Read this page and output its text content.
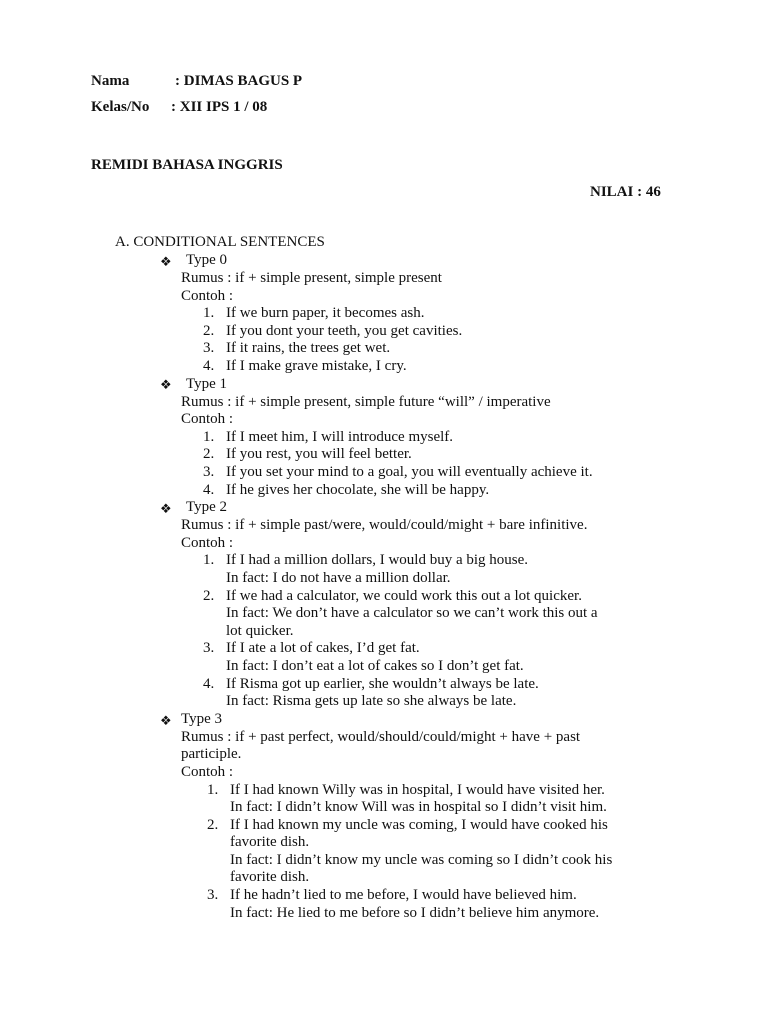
Nama	: DIMAS BAGUS P
Kelas/No : XII IPS 1 / 08
REMIDI BAHASA INGGRIS
NILAI : 46
A. CONDITIONAL SENTENCES
❖ Type 0
Rumus : if + simple present, simple present
Contoh :
1. If we burn paper, it becomes ash.
2. If you dont your teeth, you get cavities.
3. If it rains, the trees get wet.
4. If I make grave mistake, I cry.
❖ Type 1
Rumus : if + simple present, simple future “will” / imperative
Contoh :
1. If I meet him, I will introduce myself.
2. If you rest, you will feel better.
3. If you set your mind to a goal, you will eventually achieve it.
4. If he gives her chocolate, she will be happy.
❖ Type 2
Rumus : if + simple past/were, would/could/might + bare infinitive.
Contoh :
1. If I had a million dollars, I would buy a big house.
In fact: I do not have a million dollar.
2. If we had a calculator, we could work this out a lot quicker.
In fact: We don’t have a calculator so we can’t work this out a
lot quicker.
3. If I ate a lot of cakes, I’d get fat.
In fact: I don’t eat a lot of cakes so I don’t get fat.
4. If Risma got up earlier, she wouldn’t always be late.
In fact: Risma gets up late so she always be late.
❖ Type 3
Rumus : if + past perfect, would/should/could/might + have + past
participle.
Contoh :
1. If I had known Willy was in hospital, I would have visited her.
In fact: I didn’t know Will was in hospital so I didn’t visit him.
2. If I had known my uncle was coming, I would have cooked his
favorite dish.
In fact: I didn’t know my uncle was coming so I didn’t cook his
favorite dish.
3. If he hadn’t lied to me before, I would have believed him.
In fact: He lied to me before so I didn’t believe him anymore.
